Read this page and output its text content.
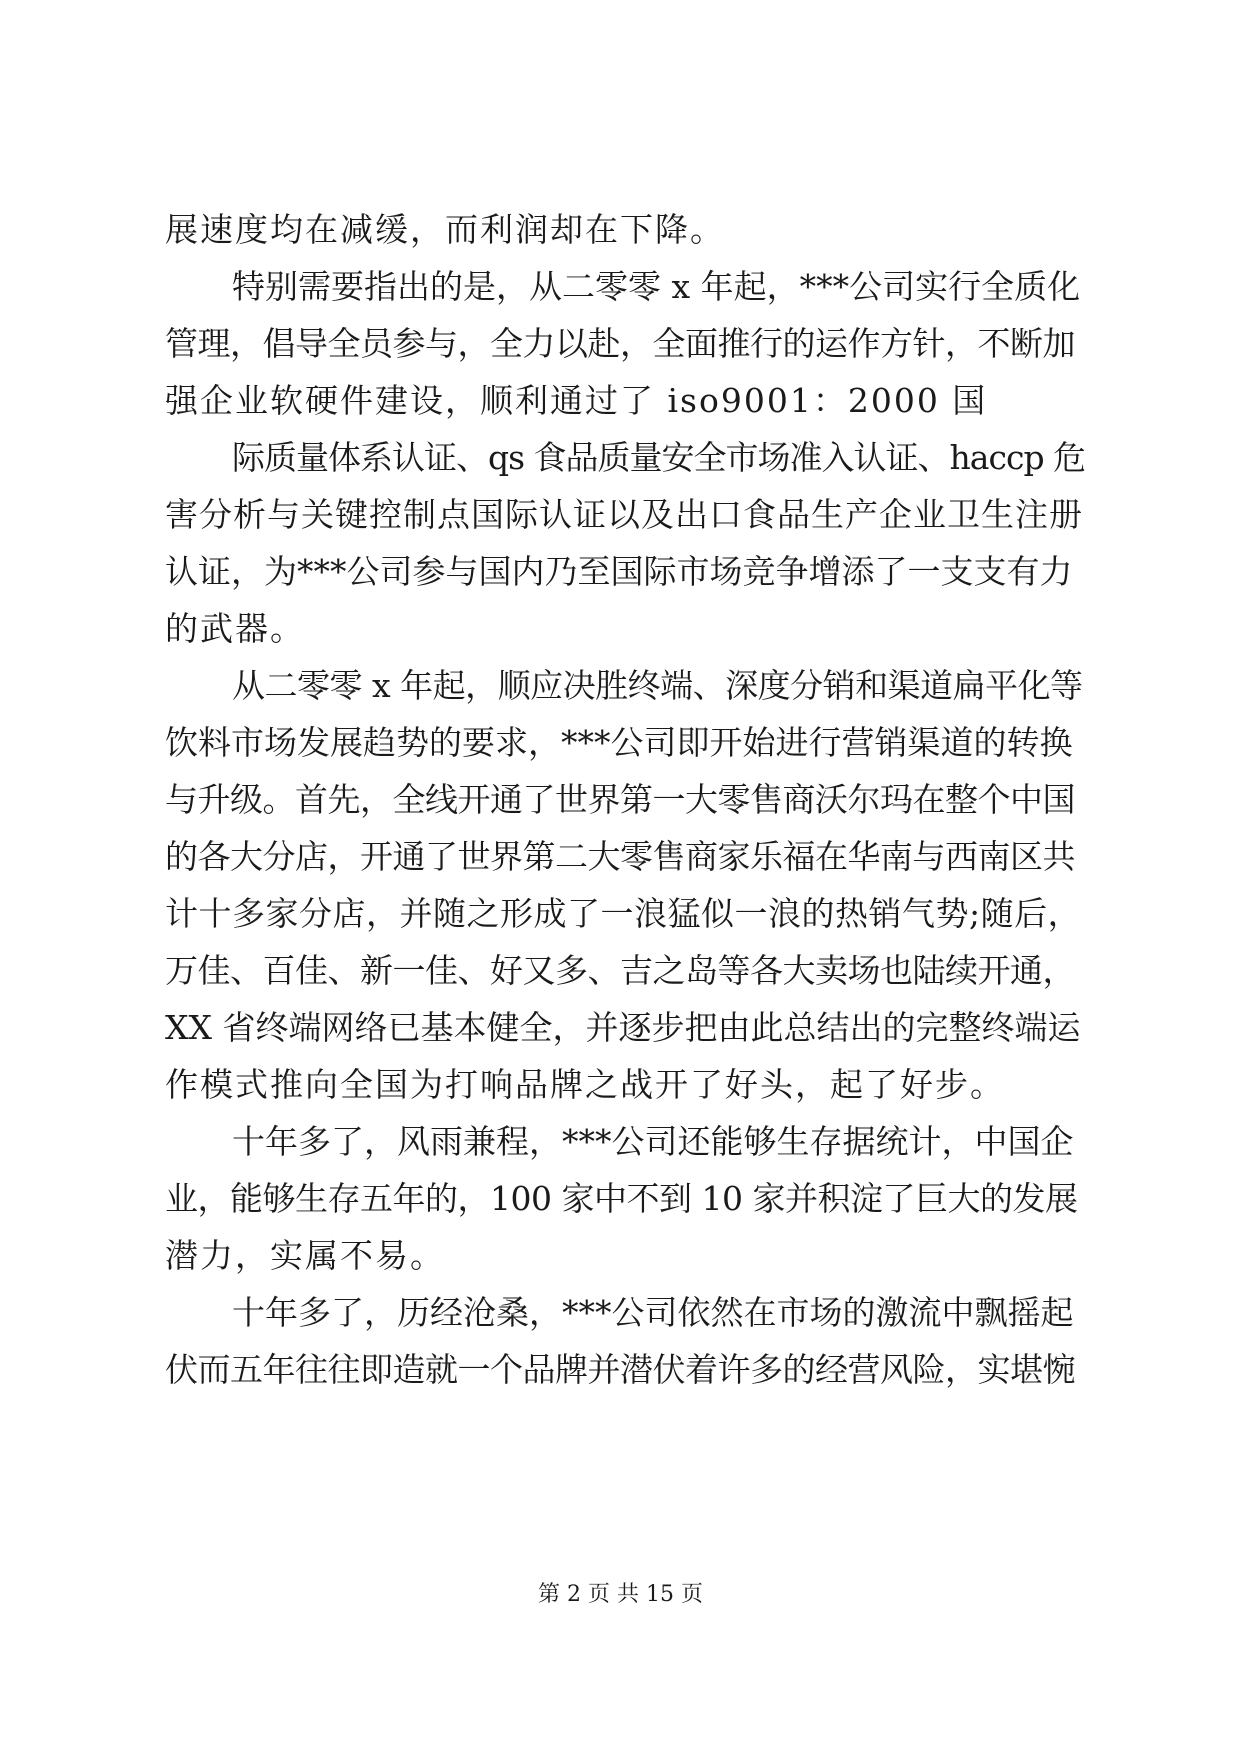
展速度均在减缓，而利润却在下降。
特别需要指出的是，从二零零 x 年起，***公司实行全质化
管理，倡导全员参与，全力以赴，全面推行的运作方针，不断加
强企业软硬件建设，顺利通过了 iso9001：2000 国
际质量体系认证、qs 食品质量安全市场准入认证、haccp 危
害分析与关键控制点国际认证以及出口食品生产企业卫生注册
认证，为***公司参与国内乃至国际市场竞争增添了一支支有力
的武器。
从二零零 x 年起，顺应决胜终端、深度分销和渠道扁平化等
饮料市场发展趋势的要求，***公司即开始进行营销渠道的转换
与升级。首先，全线开通了世界第一大零售商沃尔玛在整个中国
的各大分店，开通了世界第二大零售商家乐福在华南与西南区共
计十多家分店，并随之形成了一浪猛似一浪的热销气势;随后，
万佳、百佳、新一佳、好又多、吉之岛等各大卖场也陆续开通，
XX 省终端网络已基本健全，并逐步把由此总结出的完整终端运
作模式推向全国为打响品牌之战开了好头，起了好步。
十年多了，风雨兼程，***公司还能够生存据统计，中国企
业，能够生存五年的，100 家中不到 10 家并积淀了巨大的发展
潜力，实属不易。
十年多了，历经沧桑，***公司依然在市场的激流中飘摇起
伏而五年往往即造就一个品牌并潜伏着许多的经营风险，实堪惋
第 2 页 共 15 页
